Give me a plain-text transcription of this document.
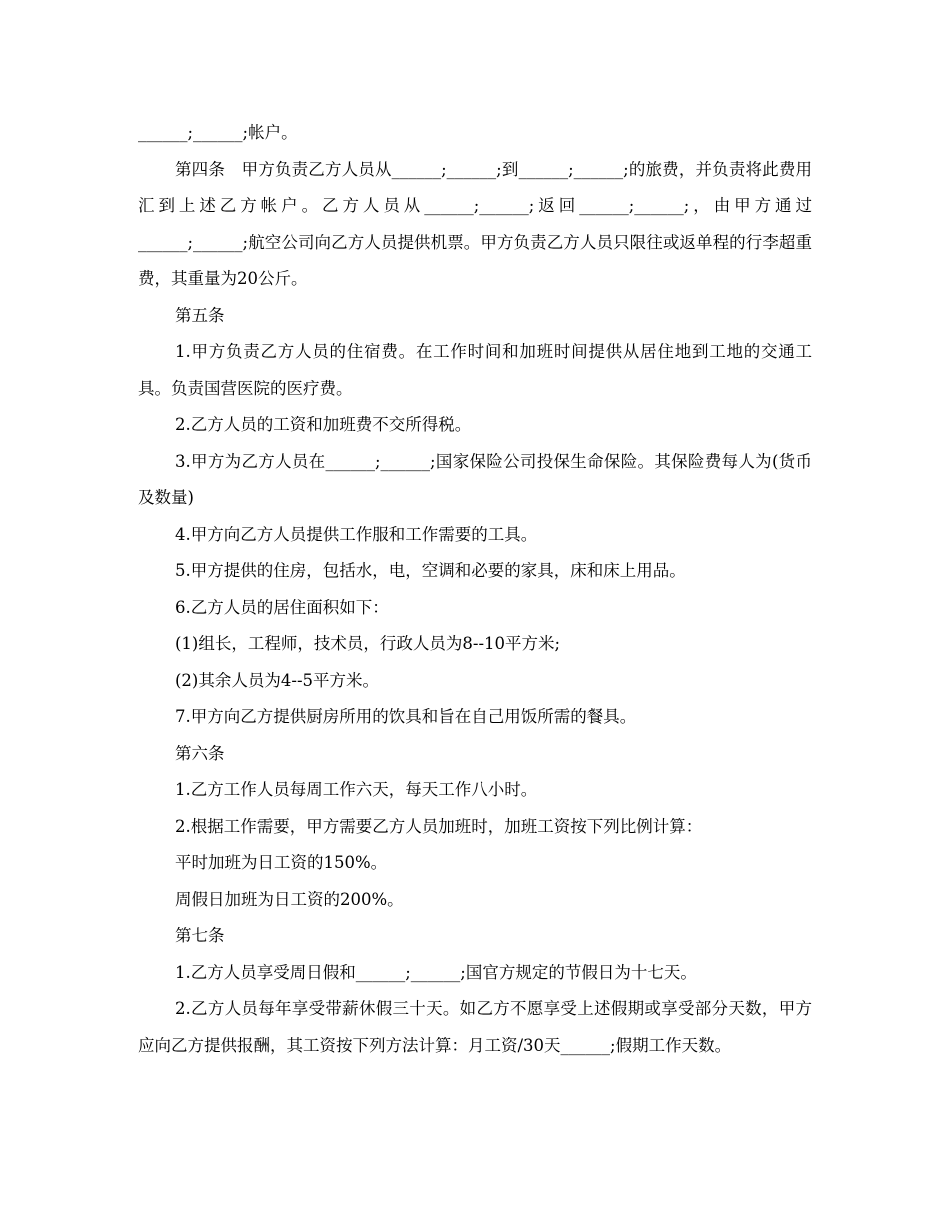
______;______;帐户。

第四条　甲方负责乙方人员从______;______;到______;______;的旅费，并负责将此费用汇到上述乙方帐户。乙方人员从______;______;返回______;______;，由甲方通过______;______;航空公司向乙方人员提供机票。甲方负责乙方人员只限往或返单程的行李超重费，其重量为20公斤。

第五条

1.甲方负责乙方人员的住宿费。在工作时间和加班时间提供从居住地到工地的交通工具。负责国营医院的医疗费。

2.乙方人员的工资和加班费不交所得税。

3.甲方为乙方人员在______;______;国家保险公司投保生命保险。其保险费每人为(货币及数量)

4.甲方向乙方人员提供工作服和工作需要的工具。

5.甲方提供的住房，包括水，电，空调和必要的家具，床和床上用品。

6.乙方人员的居住面积如下：

(1)组长，工程师，技术员，行政人员为8--10平方米;

(2)其余人员为4--5平方米。

7.甲方向乙方提供厨房所用的饮具和旨在自己用饭所需的餐具。

第六条

1.乙方工作人员每周工作六天，每天工作八小时。

2.根据工作需要，甲方需要乙方人员加班时，加班工资按下列比例计算：

平时加班为日工资的150%。

周假日加班为日工资的200%。

第七条

1.乙方人员享受周日假和______;______;国官方规定的节假日为十七天。

2.乙方人员每年享受带薪休假三十天。如乙方不愿享受上述假期或享受部分天数，甲方应向乙方提供报酬，其工资按下列方法计算：月工资/30天______;假期工作天数。
